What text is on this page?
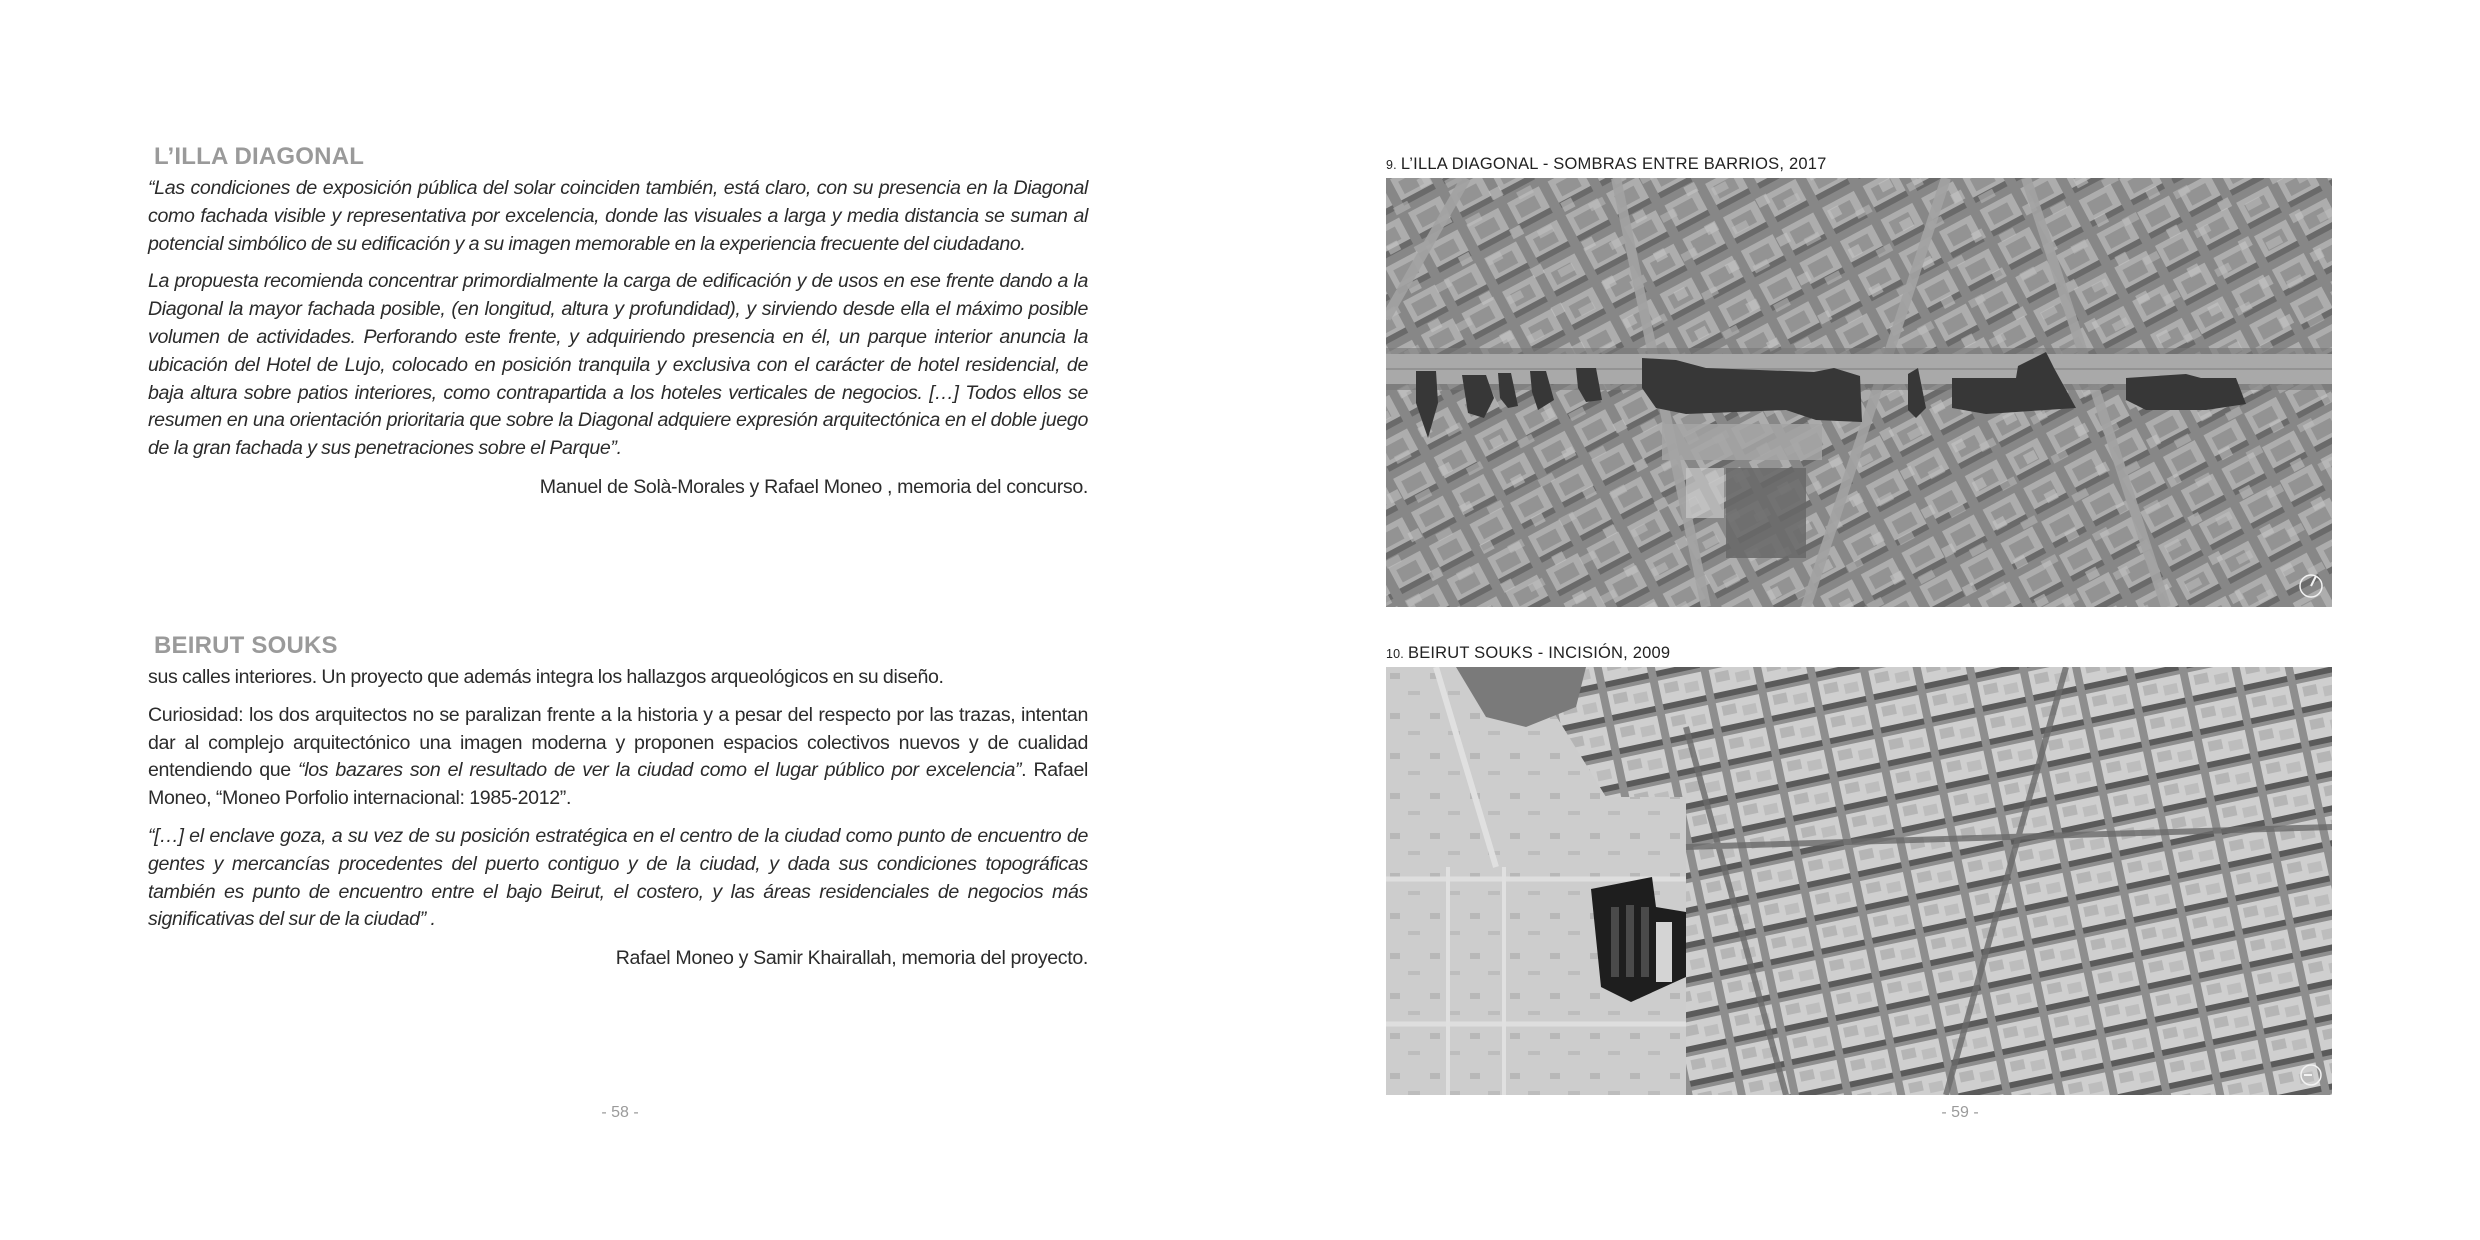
L’ILLA DIAGONAL

“Las condiciones de exposición pública del solar coinciden también, está claro, con su presencia en la Diagonal como fachada visible y representativa por excelencia, donde las visuales a larga y media distancia se suman al potencial simbólico de su edificación y a su imagen memorable en la experiencia frecuente del ciudadano.

La propuesta recomienda concentrar primordialmente la carga de edificación y de usos en ese frente dando a la Diagonal la mayor fachada posible, (en longitud, altura y profundidad), y sirviendo desde ella el máximo posible volumen de actividades. Perforando este frente, y adquiriendo presencia en él, un parque interior anuncia la ubicación del Hotel de Lujo, colocado en posición tranquila y exclusiva con el carácter de hotel residencial, de baja altura sobre patios interiores, como contrapartida a los hoteles verticales de negocios. […] Todos ellos se resumen en una orientación prioritaria que sobre la Diagonal adquiere expresión arquitectónica en el doble juego de la gran fachada y sus penetraciones sobre el Parque”.

Manuel de Solà-Morales y Rafael Moneo , memoria del concurso.

BEIRUT SOUKS

sus calles interiores. Un proyecto que además integra los hallazgos arqueológicos en su diseño.

Curiosidad: los dos arquitectos no se paralizan frente a la historia y a pesar del respecto por las trazas, intentan dar al complejo arquitectónico una imagen moderna y proponen espacios colectivos nuevos y de cualidad entendiendo que “los bazares son el resultado de ver la ciudad como el lugar público por excelencia”. Rafael Moneo, “Moneo Porfolio internacional: 1985-2012”.

“[…] el enclave goza, a su vez de su posición estratégica en el centro de la ciudad como punto de encuentro de gentes y mercancías procedentes del puerto contiguo y de la ciudad, y dada sus condiciones topográficas también es punto de encuentro entre el bajo Beirut, el costero, y las áreas residenciales de negocios más significativas del sur de la ciudad” .

Rafael Moneo y Samir Khairallah, memoria del proyecto.

- 58 -
9. L’ILLA DIAGONAL - SOMBRAS ENTRE BARRIOS, 2017
10. BEIRUT SOUKS - INCISIÓN, 2009
- 59 -
